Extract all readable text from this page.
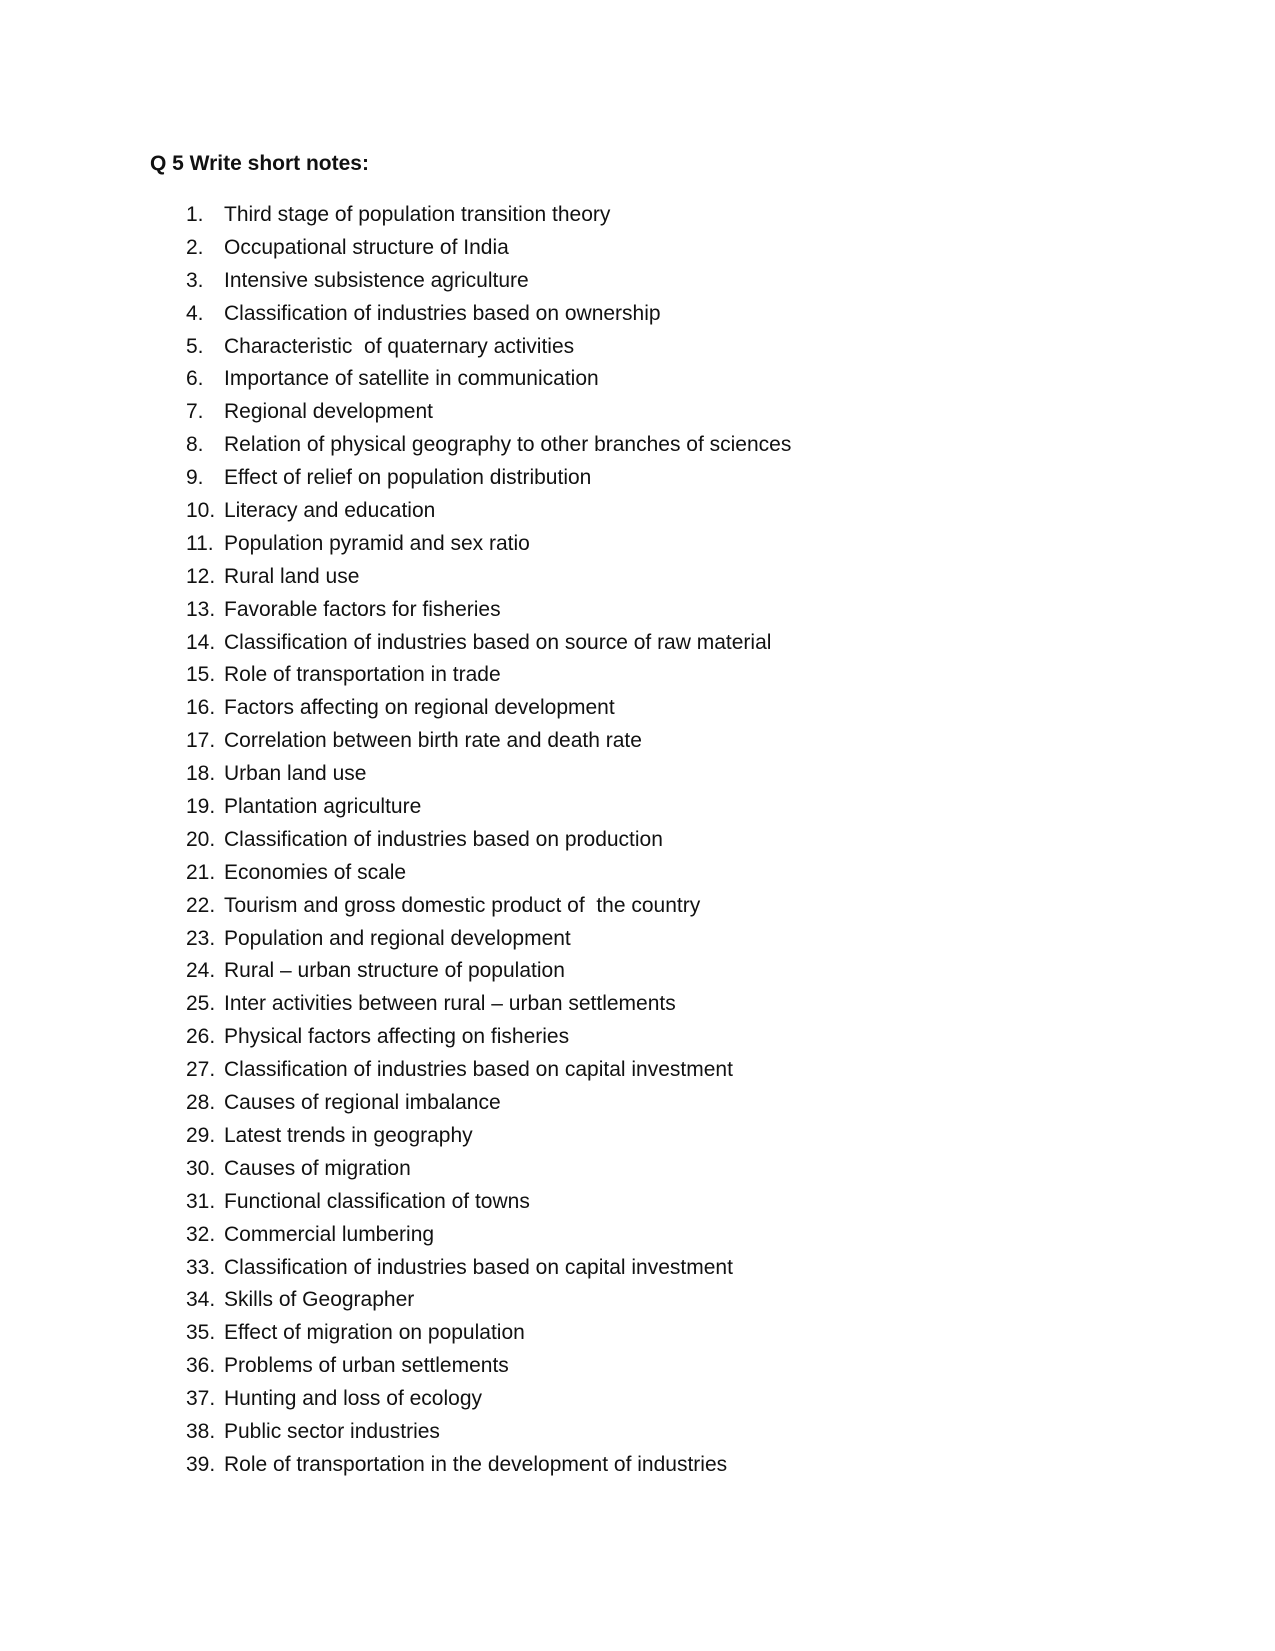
Q 5 Write short notes:
1. Third stage of population transition theory
2. Occupational structure of India
3. Intensive subsistence agriculture
4. Classification of industries based on ownership
5. Characteristic  of quaternary activities
6. Importance of satellite in communication
7. Regional development
8. Relation of physical geography to other branches of sciences
9. Effect of relief on population distribution
10. Literacy and education
11. Population pyramid and sex ratio
12. Rural land use
13. Favorable factors for fisheries
14. Classification of industries based on source of raw material
15. Role of transportation in trade
16. Factors affecting on regional development
17. Correlation between birth rate and death rate
18. Urban land use
19. Plantation agriculture
20. Classification of industries based on production
21. Economies of scale
22. Tourism and gross domestic product of  the country
23. Population and regional development
24. Rural – urban structure of population
25. Inter activities between rural – urban settlements
26. Physical factors affecting on fisheries
27. Classification of industries based on capital investment
28. Causes of regional imbalance
29. Latest trends in geography
30. Causes of migration
31. Functional classification of towns
32. Commercial lumbering
33. Classification of industries based on capital investment
34. Skills of Geographer
35. Effect of migration on population
36. Problems of urban settlements
37. Hunting and loss of ecology
38. Public sector industries
39. Role of transportation in the development of industries
